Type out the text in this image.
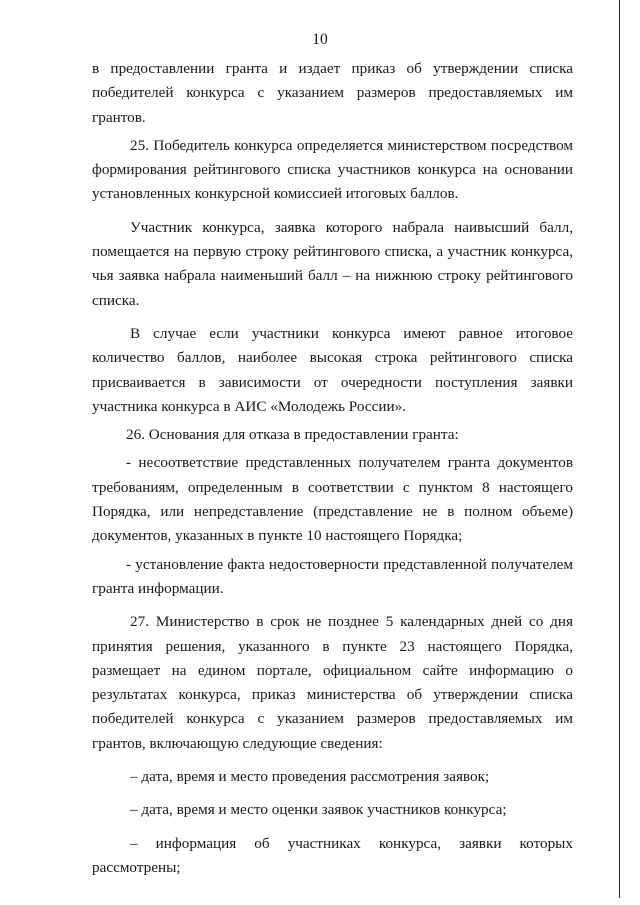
10

в предоставлении гранта и издает приказ об утверждении списка победителей конкурса с указанием размеров предоставляемых им грантов.

25. Победитель конкурса определяется министерством посредством формирования рейтингового списка участников конкурса на основании установленных конкурсной комиссией итоговых баллов.

Участник конкурса, заявка которого набрала наивысший балл, помещается на первую строку рейтингового списка, а участник конкурса, чья заявка набрала наименьший балл – на нижнюю строку рейтингового списка.

В случае если участники конкурса имеют равное итоговое количество баллов, наиболее высокая строка рейтингового списка присваивается в зависимости от очередности поступления заявки участника конкурса в АИС «Молодежь России».

26. Основания для отказа в предоставлении гранта:

- несоответствие представленных получателем гранта документов требованиям, определенным в соответствии с пунктом 8 настоящего Порядка, или непредставление (представление не в полном объеме) документов, указанных в пункте 10 настоящего Порядка;

- установление факта недостоверности представленной получателем гранта информации.

27. Министерство в срок не позднее 5 календарных дней со дня принятия решения, указанного в пункте 23 настоящего Порядка, размещает на едином портале, официальном сайте информацию о результатах конкурса, приказ министерства об утверждении списка победителей конкурса с указанием размеров предоставляемых им грантов, включающую следующие сведения:

– дата, время и место проведения рассмотрения заявок;

– дата, время и место оценки заявок участников конкурса;

– информация об участниках конкурса, заявки которых рассмотрены;
